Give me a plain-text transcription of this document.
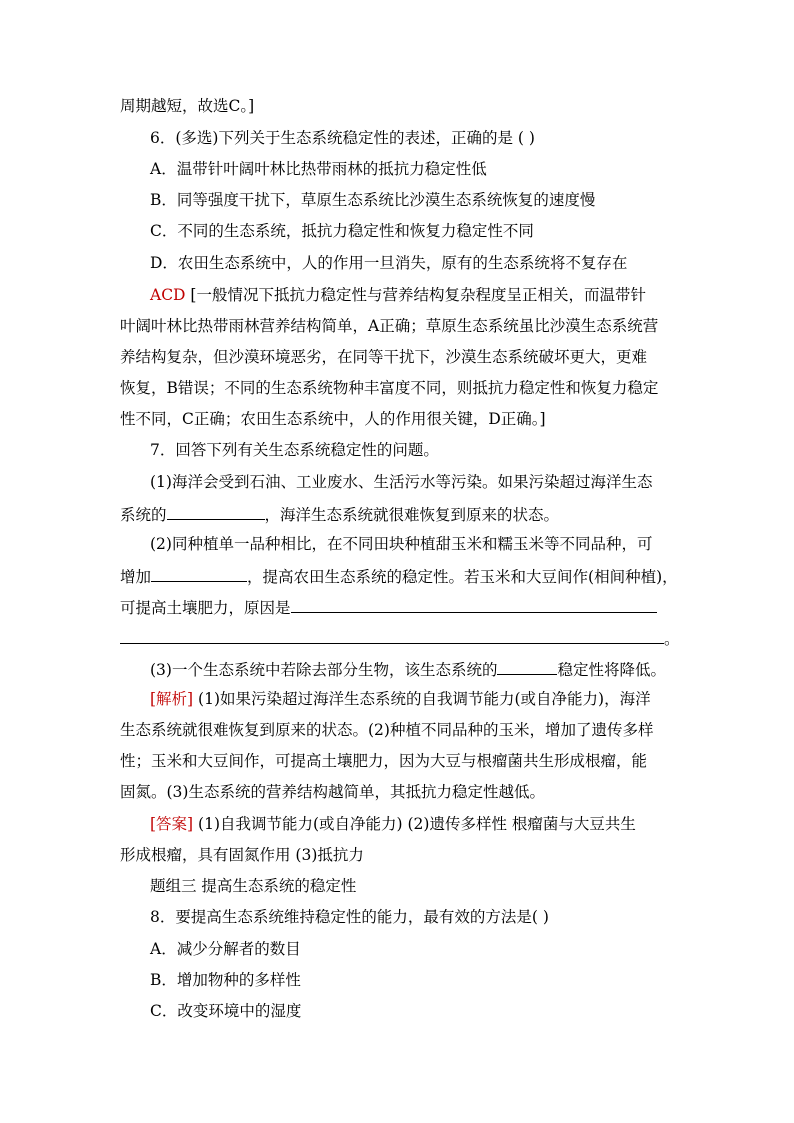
周期越短，故选C。]
6．(多选)下列关于生态系统稳定性的表述，正确的是 ( )
A．温带针叶阔叶林比热带雨林的抵抗力稳定性低
B．同等强度干扰下，草原生态系统比沙漠生态系统恢复的速度慢
C．不同的生态系统，抵抗力稳定性和恢复力稳定性不同
D．农田生态系统中，人的作用一旦消失，原有的生态系统将不复存在
ACD [一般情况下抵抗力稳定性与营养结构复杂程度呈正相关，而温带针
叶阔叶林比热带雨林营养结构简单，A正确；草原生态系统虽比沙漠生态系统营
养结构复杂，但沙漠环境恶劣，在同等干扰下，沙漠生态系统破坏更大，更难
恢复，B错误；不同的生态系统物种丰富度不同，则抵抗力稳定性和恢复力稳定
性不同，C正确；农田生态系统中，人的作用很关键，D正确。]
7．回答下列有关生态系统稳定性的问题。
(1)海洋会受到石油、工业废水、生活污水等污染。如果污染超过海洋生态
系统的	，海洋生态系统就很难恢复到原来的状态。
(2)同种植单一品种相比，在不同田块种植甜玉米和糯玉米等不同品种，可
增加	，提高农田生态系统的稳定性。若玉米和大豆间作(相间种植)，
可提高土壤肥力，原因是
。
(3)一个生态系统中若除去部分生物，该生态系统的	稳定性将降低。
[解析] (1)如果污染超过海洋生态系统的自我调节能力(或自净能力)，海洋
生态系统就很难恢复到原来的状态。(2)种植不同品种的玉米，增加了遗传多样
性；玉米和大豆间作，可提高土壤肥力，因为大豆与根瘤菌共生形成根瘤，能
固氮。(3)生态系统的营养结构越简单，其抵抗力稳定性越低。
[答案] (1)自我调节能力(或自净能力) (2)遗传多样性 根瘤菌与大豆共生
形成根瘤，具有固氮作用 (3)抵抗力
题组三 提高生态系统的稳定性
8．要提高生态系统维持稳定性的能力，最有效的方法是( )
A．减少分解者的数目
B．增加物种的多样性
C．改变环境中的湿度
